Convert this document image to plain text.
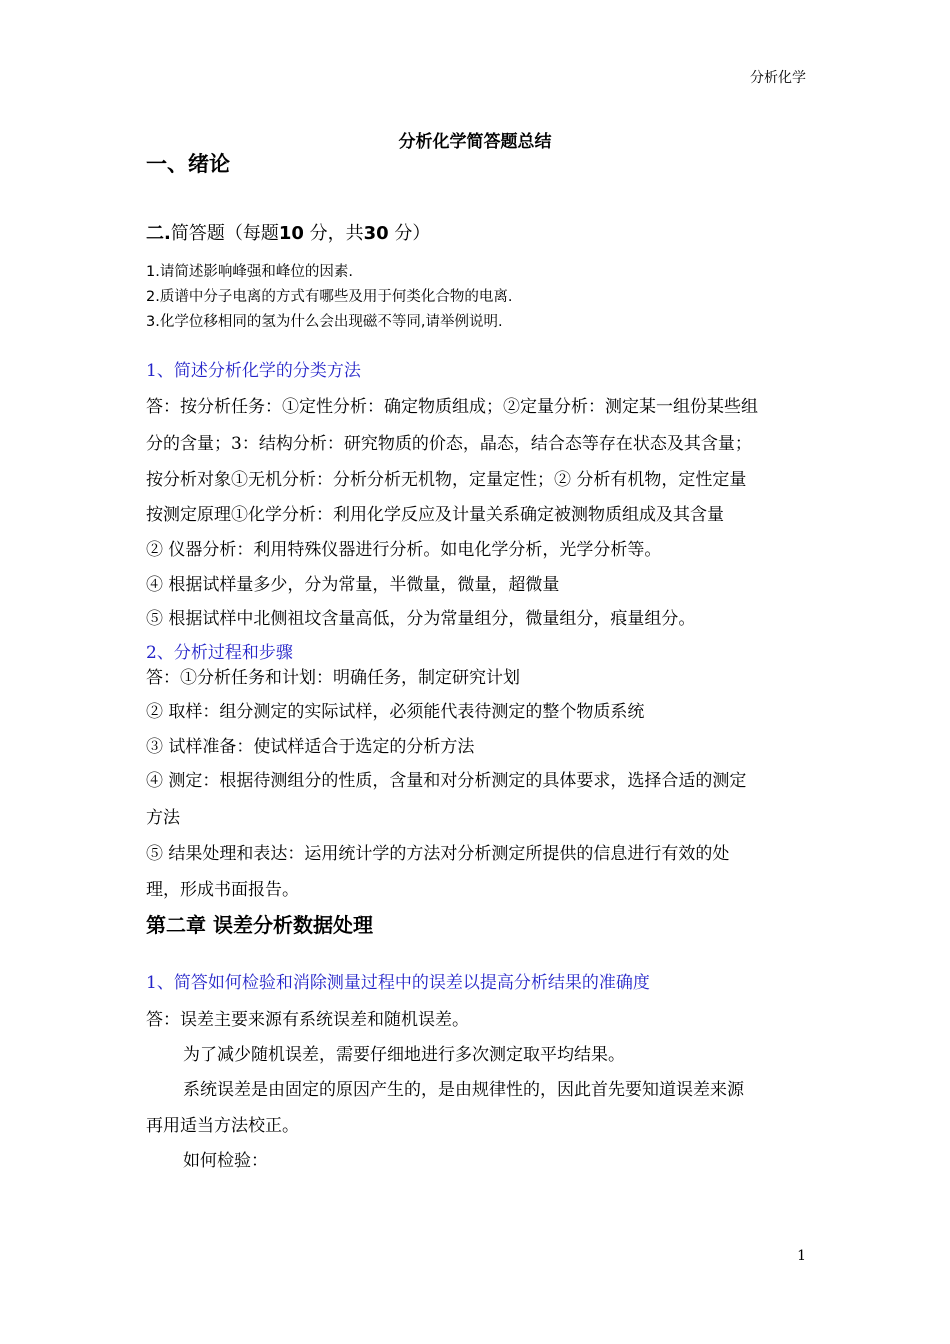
分析化学
分析化学简答题总结
一、绪论
二.简答题（每题10 分，共30 分）
1.请简述影响峰强和峰位的因素.
2.质谱中分子电离的方式有哪些及用于何类化合物的电离.
3.化学位移相同的氢为什么会出现磁不等同,请举例说明.
1、简述分析化学的分类方法
答：按分析任务：①定性分析：确定物质组成；②定量分析：测定某一组份某些组
分的含量；3：结构分析：研究物质的价态，晶态，结合态等存在状态及其含量；
按分析对象①无机分析：分析分析无机物，定量定性；② 分析有机物，定性定量
按测定原理①化学分析：利用化学反应及计量关系确定被测物质组成及其含量
② 仪器分析：利用特殊仪器进行分析。如电化学分析，光学分析等。
④ 根据试样量多少，分为常量，半微量，微量，超微量
⑤ 根据试样中北侧祖坟含量高低，分为常量组分，微量组分，痕量组分。
2、分析过程和步骤
答：①分析任务和计划：明确任务，制定研究计划
② 取样：组分测定的实际试样，必须能代表待测定的整个物质系统
③ 试样准备：使试样适合于选定的分析方法
④ 测定：根据待测组分的性质，含量和对分析测定的具体要求，选择合适的测定
方法
⑤ 结果处理和表达：运用统计学的方法对分析测定所提供的信息进行有效的处
理，形成书面报告。
第二章 误差分析数据处理
1、简答如何检验和消除测量过程中的误差以提高分析结果的准确度
答：误差主要来源有系统误差和随机误差。
为了减少随机误差，需要仔细地进行多次测定取平均结果。
系统误差是由固定的原因产生的，是由规律性的，因此首先要知道误差来源
再用适当方法校正。
如何检验：
1
